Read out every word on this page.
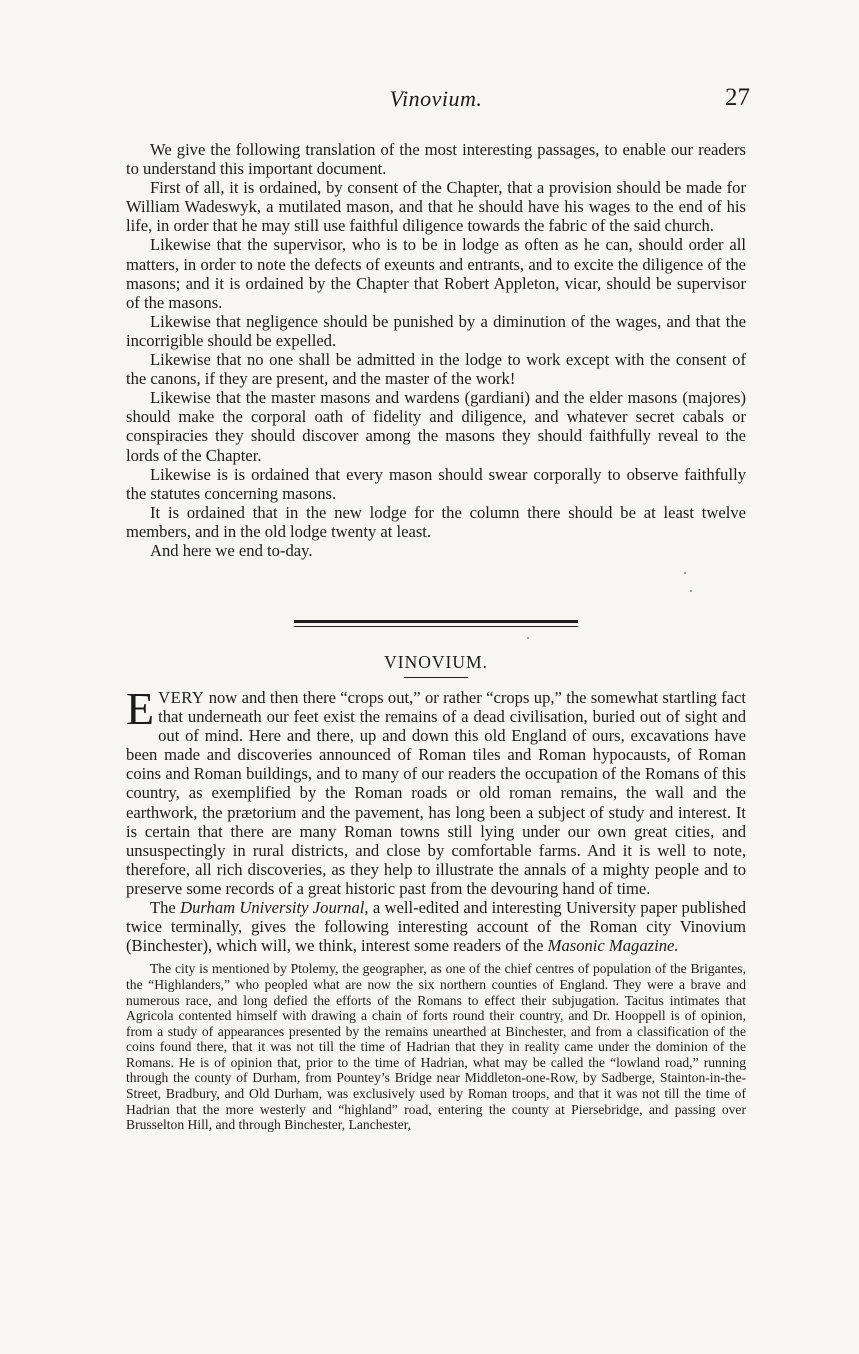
Vinovium.	27

We give the following translation of the most interesting passages, to enable our readers to understand this important document.

First of all, it is ordained, by consent of the Chapter, that a provision should be made for William Wadeswyk, a mutilated mason, and that he should have his wages to the end of his life, in order that he may still use faithful diligence towards the fabric of the said church.

Likewise that the supervisor, who is to be in lodge as often as he can, should order all matters, in order to note the defects of exeunts and entrants, and to excite the diligence of the masons; and it is ordained by the Chapter that Robert Appleton, vicar, should be supervisor of the masons.

Likewise that negligence should be punished by a diminution of the wages, and that the incorrigible should be expelled.

Likewise that no one shall be admitted in the lodge to work except with the consent of the canons, if they are present, and the master of the work!

Likewise that the master masons and wardens (gardiani) and the elder masons (majores) should make the corporal oath of fidelity and diligence, and whatever secret cabals or conspiracies they should discover among the masons they should faithfully reveal to the lords of the Chapter.

Likewise is is ordained that every mason should swear corporally to observe faithfully the statutes concerning masons.

It is ordained that in the new lodge for the column there should be at least twelve members, and in the old lodge twenty at least.

And here we end to-day.

VINOVIUM.

EVERY now and then there “crops out,” or rather “crops up,” the somewhat startling fact that underneath our feet exist the remains of a dead civilisation, buried out of sight and out of mind. Here and there, up and down this old England of ours, excavations have been made and discoveries announced of Roman tiles and Roman hypocausts, of Roman coins and Roman buildings, and to many of our readers the occupation of the Romans of this country, as exemplified by the Roman roads or old roman remains, the wall and the earthwork, the prætorium and the pavement, has long been a subject of study and interest. It is certain that there are many Roman towns still lying under our own great cities, and unsuspectingly in rural districts, and close by comfortable farms. And it is well to note, therefore, all rich discoveries, as they help to illustrate the annals of a mighty people and to preserve some records of a great historic past from the devouring hand of time.

The Durham University Journal, a well-edited and interesting University paper published twice terminally, gives the following interesting account of the Roman city Vinovium (Binchester), which will, we think, interest some readers of the Masonic Magazine.

The city is mentioned by Ptolemy, the geographer, as one of the chief centres of population of the Brigantes, the “Highlanders,” who peopled what are now the six northern counties of England. They were a brave and numerous race, and long defied the efforts of the Romans to effect their subjugation. Tacitus intimates that Agricola contented himself with drawing a chain of forts round their country, and Dr. Hooppell is of opinion, from a study of appearances presented by the remains unearthed at Binchester, and from a classification of the coins found there, that it was not till the time of Hadrian that they in reality came under the dominion of the Romans. He is of opinion that, prior to the time of Hadrian, what may be called the “lowland road,” running through the county of Durham, from Pountey’s Bridge near Middleton-one-Row, by Sadberge, Stainton-in-the-Street, Bradbury, and Old Durham, was exclusively used by Roman troops, and that it was not till the time of Hadrian that the more westerly and “highland” road, entering the county at Piersebridge, and passing over Brusselton Hill, and through Binchester, Lanchester,
